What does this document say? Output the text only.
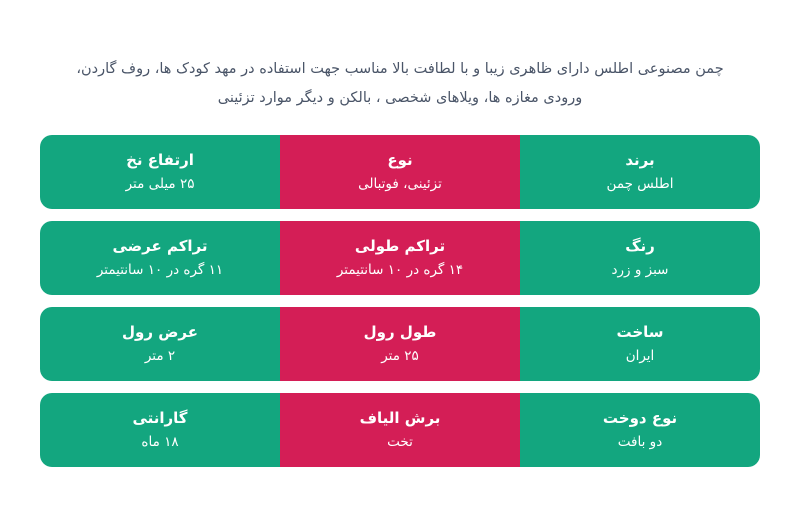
چمن مصنوعی اطلس دارای ظاهری زیبا و با لطافت بالا مناسب جهت استفاده در مهد کودک ها، روف گاردن، ورودی مغازه ها، ویلاهای شخصی ، بالکن و دیگر موارد تزئینی

برند
اطلس چمن
نوع
تزئینی، فوتبالی
ارتفاع نخ
۲۵ میلی متر
رنگ
سبز و زرد
تراکم طولی
۱۴ گره در ۱۰ سانتیمتر
تراکم عرضی
۱۱ گره در ۱۰ سانتیمتر
ساخت
ایران
طول رول
۲۵ متر
عرض رول
۲ متر
نوع دوخت
دو بافت
برش الیاف
تخت
گارانتی
۱۸ ماه
